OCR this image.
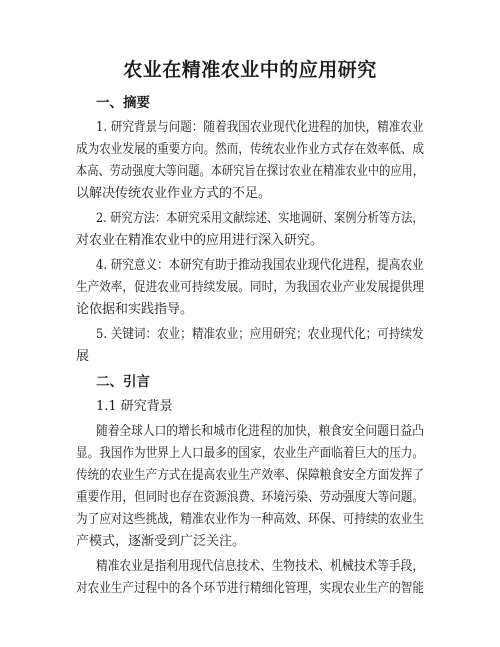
农业在精准农业中的应用研究
一、摘要
1. 研究背景与问题：随着我国农业现代化进程的加快，精准农业
成为农业发展的重要方向。然而，传统农业作业方式存在效率低、成
本高、劳动强度大等问题。本研究旨在探讨农业在精准农业中的应用，
以解决传统农业作业方式的不足。
2. 研究方法：本研究采用文献综述、实地调研、案例分析等方法，
对农业在精准农业中的应用进行深入研究。
4. 研究意义：本研究有助于推动我国农业现代化进程，提高农业
生产效率，促进农业可持续发展。同时，为我国农业产业发展提供理
论依据和实践指导。
5. 关键词：农业；精准农业；应用研究；农业现代化；可持续发
展
二、引言
1.1 研究背景
随着全球人口的增长和城市化进程的加快，粮食安全问题日益凸
显。我国作为世界上人口最多的国家，农业生产面临着巨大的压力。
传统的农业生产方式在提高农业生产效率、保障粮食安全方面发挥了
重要作用，但同时也存在资源浪费、环境污染、劳动强度大等问题。
为了应对这些挑战，精准农业作为一种高效、环保、可持续的农业生
产模式，逐渐受到广泛关注。
精准农业是指利用现代信息技术、生物技术、机械技术等手段，
对农业生产过程中的各个环节进行精细化管理，实现农业生产的智能
